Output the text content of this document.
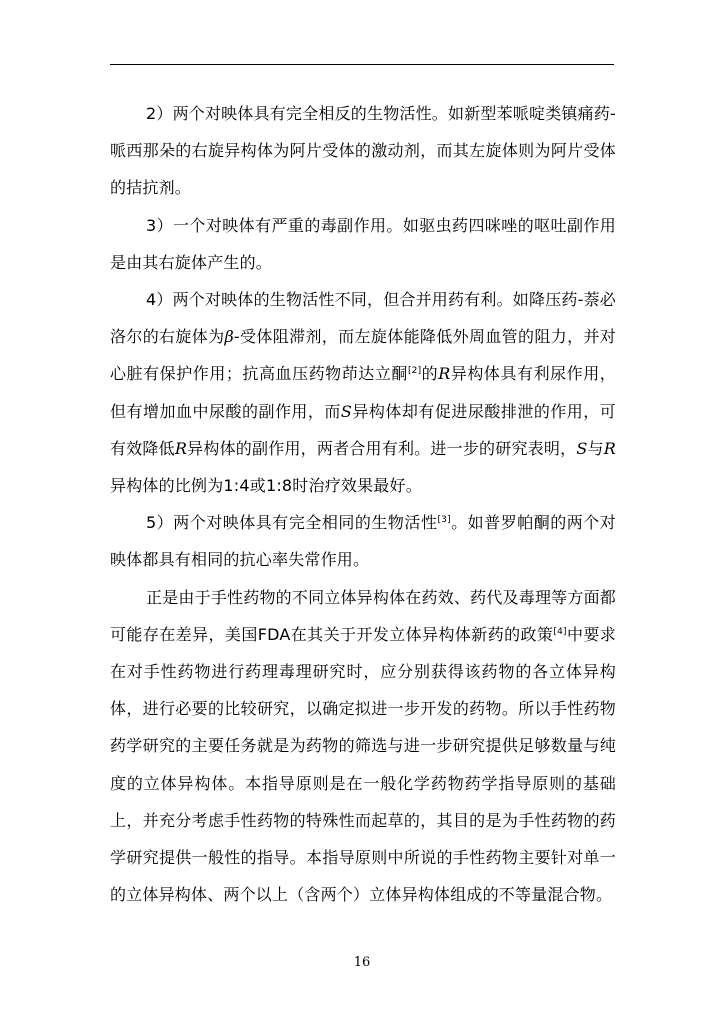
2）两个对映体具有完全相反的生物活性。如新型苯哌啶类镇痛药-哌西那朵的右旋异构体为阿片受体的激动剂，而其左旋体则为阿片受体的拮抗剂。

3）一个对映体有严重的毒副作用。如驱虫药四咪唑的呕吐副作用是由其右旋体产生的。

4）两个对映体的生物活性不同，但合并用药有利。如降压药-萘必洛尔的右旋体为β-受体阻滞剂，而左旋体能降低外周血管的阻力，并对心脏有保护作用；抗高血压药物茚达立酮[2]的R异构体具有利尿作用，但有增加血中尿酸的副作用，而S异构体却有促进尿酸排泄的作用，可有效降低R异构体的副作用，两者合用有利。进一步的研究表明，S与R异构体的比例为1:4或1:8时治疗效果最好。

5）两个对映体具有完全相同的生物活性[3]。如普罗帕酮的两个对映体都具有相同的抗心率失常作用。

正是由于手性药物的不同立体异构体在药效、药代及毒理等方面都可能存在差异，美国FDA在其关于开发立体异构体新药的政策[4]中要求在对手性药物进行药理毒理研究时，应分别获得该药物的各立体异构体，进行必要的比较研究，以确定拟进一步开发的药物。所以手性药物药学研究的主要任务就是为药物的筛选与进一步研究提供足够数量与纯度的立体异构体。本指导原则是在一般化学药物药学指导原则的基础上，并充分考虑手性药物的特殊性而起草的，其目的是为手性药物的药学研究提供一般性的指导。本指导原则中所说的手性药物主要针对单一的立体异构体、两个以上（含两个）立体异构体组成的不等量混合物。

16
